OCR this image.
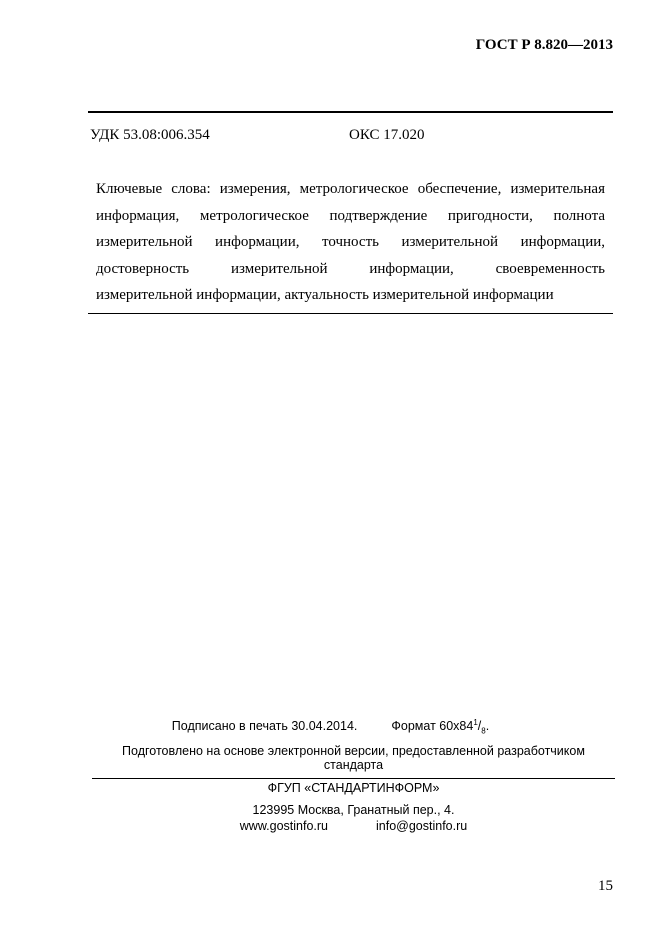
ГОСТ Р 8.820—2013
УДК 53.08:006.354	ОКС 17.020
Ключевые слова: измерения, метрологическое обеспечение, измерительная
информация, метрологическое подтверждение пригодности, полнота
измерительной информации, точность измерительной информации,
достоверность измерительной информации, своевременность
измерительной информации, актуальность измерительной информации
Подписано в печать 30.04.2014.	Формат $60x84^1/_8$.
Подготовлено на основе электронной версии, предоставленной разработчиком
стандарта
ФГУП «СТАНДАРТИНФОРМ»
123995 Москва, Гранатный пер., 4.
www.gostinfo.ru	info@gostinfo.ru
15
